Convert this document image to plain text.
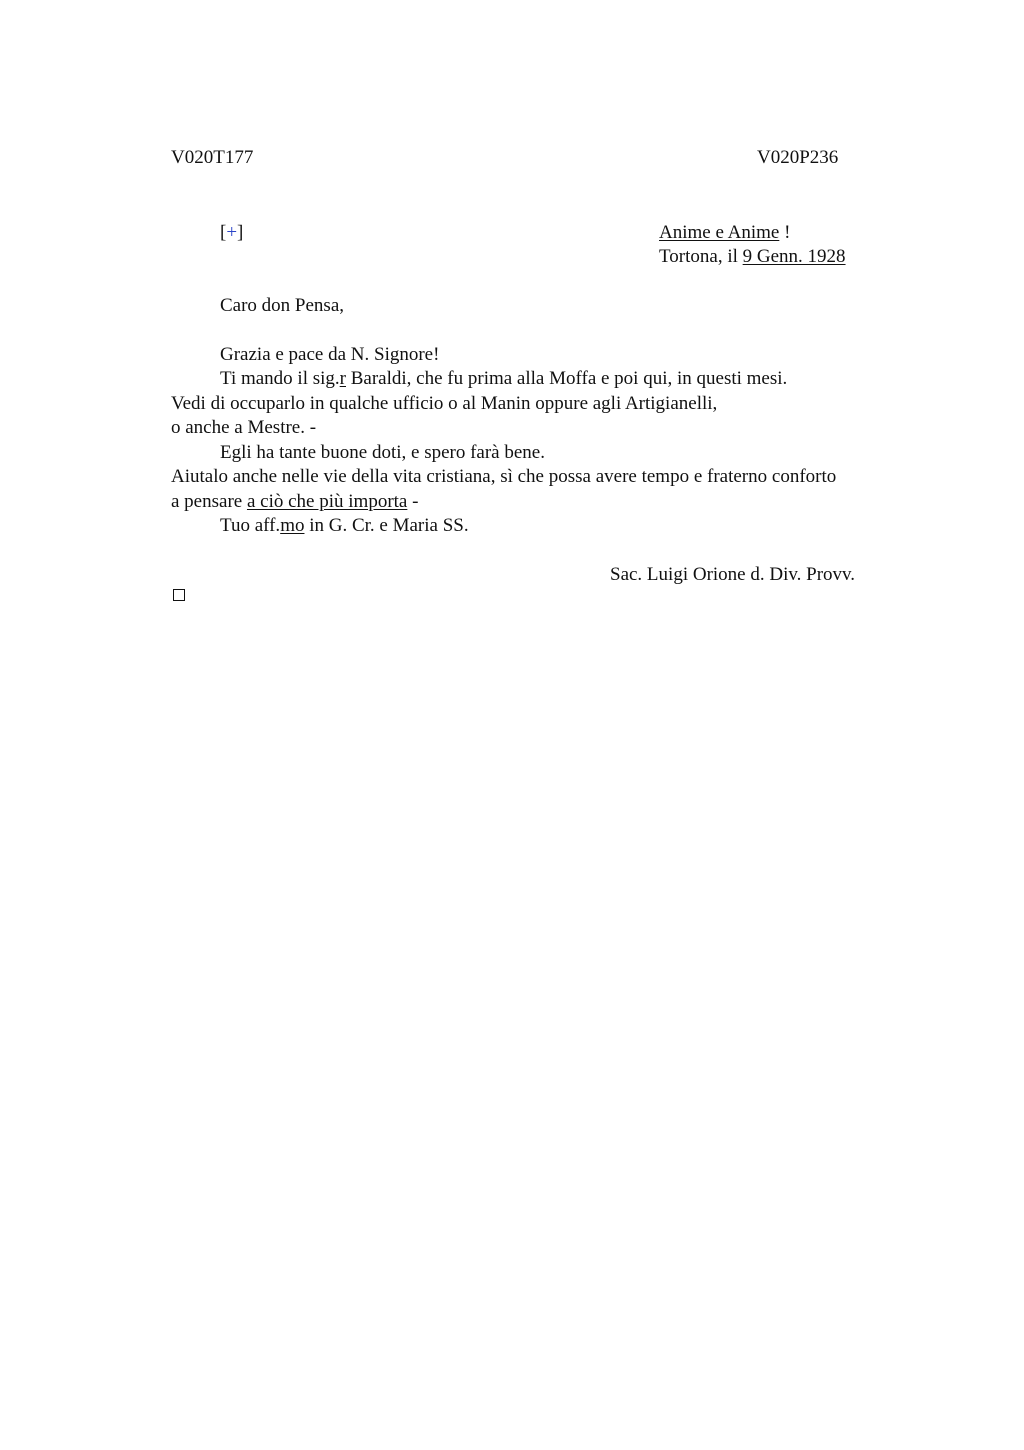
V020T177	V020P236
[+]	Anime e Anime !
Tortona, il 9 Genn. 1928
Caro don Pensa,
Grazia e pace da N. Signore!
Ti mando il sig.r Baraldi, che fu prima alla Moffa e poi qui, in questi mesi.
Vedi di occuparlo in qualche ufficio o al Manin oppure agli Artigianelli,
o anche a Mestre. -
Egli ha tante buone doti, e spero farà bene.
Aiutalo anche nelle vie della vita cristiana, sì che possa avere tempo e fraterno conforto
a pensare a ciò che più importa -
Tuo aff.mo in G. Cr. e Maria SS.
Sac. Luigi Orione d. Div. Provv.
